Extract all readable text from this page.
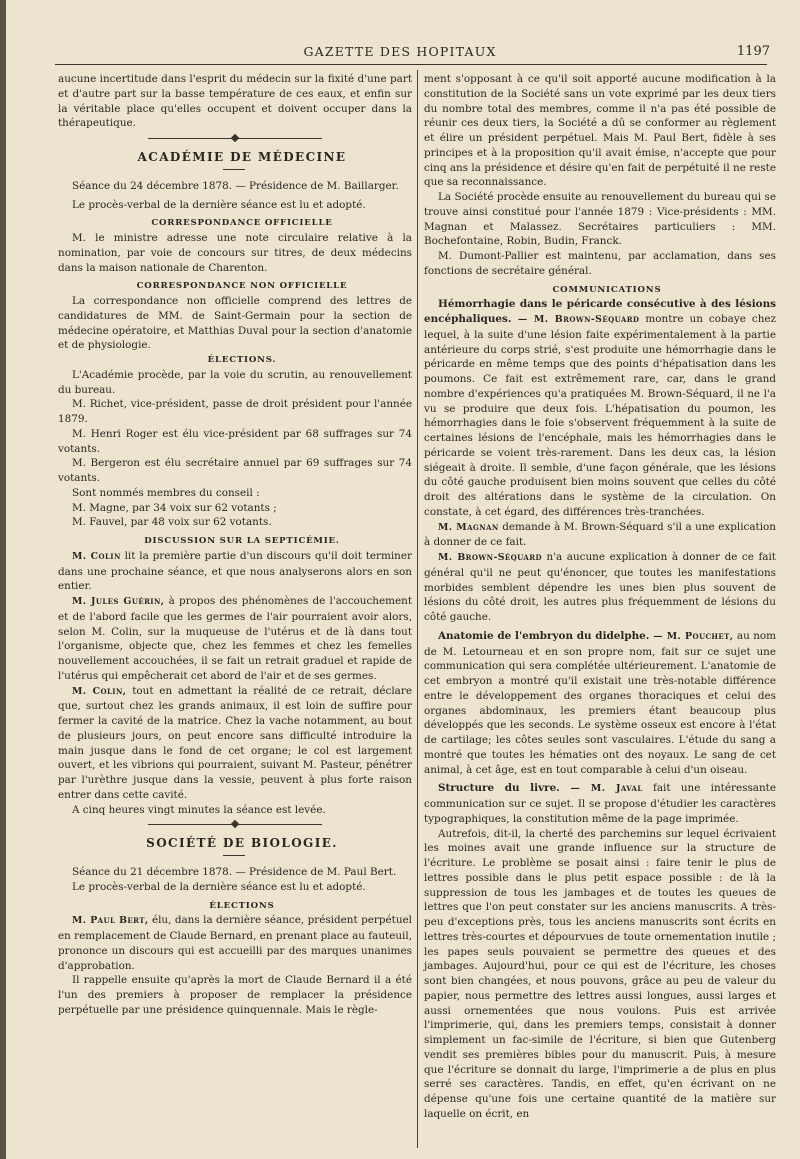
GAZETTE DES HOPITAUX	1197

aucune incertitude dans l'esprit du médecin sur la fixité d'une part et d'autre part sur la basse température de ces eaux, et enfin sur la véritable place qu'elles occupent et doivent occuper dans la thérapeutique.

ACADÉMIE DE MÉDECINE

Séance du 24 décembre 1878. — Présidence de M. Baillarger.

Le procès-verbal de la dernière séance est lu et adopté.

CORRESPONDANCE OFFICIELLE

M. le ministre adresse une note circulaire relative à la nomination, par voie de concours sur titres, de deux médecins dans la maison nationale de Charenton.

CORRESPONDANCE NON OFFICIELLE

La correspondance non officielle comprend des lettres de candidatures de MM. de Saint-Germain pour la section de médecine opératoire, et Matthias Duval pour la section d'anatomie et de physiologie.

ÉLECTIONS.

L'Académie procède, par la voie du scrutin, au renouvellement du bureau.

M. Richet, vice-président, passe de droit président pour l'année 1879.

M. Henri Roger est élu vice-président par 68 suffrages sur 74 votants.

M. Bergeron est élu secrétaire annuel par 69 suffrages sur 74 votants.

Sont nommés membres du conseil :

M. Magne, par 34 voix sur 62 votants ;

M. Fauvel, par 48 voix sur 62 votants.

DISCUSSION SUR LA SEPTICÉMIE.

M. Colin lit la première partie d'un discours qu'il doit terminer dans une prochaine séance, et que nous analyserons alors en son entier.

M. Jules Guérin, à propos des phénomènes de l'accouchement et de l'abord facile que les germes de l'air pourraient avoir alors, selon M. Colin, sur la muqueuse de l'utérus et de là dans tout l'organisme, objecte que, chez les femmes et chez les femelles nouvellement accouchées, il se fait un retrait graduel et rapide de l'utérus qui empêcherait cet abord de l'air et de ses germes.

M. Colin, tout en admettant la réalité de ce retrait, déclare que, surtout chez les grands animaux, il est loin de suffire pour fermer la cavité de la matrice. Chez la vache notamment, au bout de plusieurs jours, on peut encore sans difficulté introduire la main jusque dans le fond de cet organe; le col est largement ouvert, et les vibrions qui pourraient, suivant M. Pasteur, pénétrer par l'urèthre jusque dans la vessie, peuvent à plus forte raison entrer dans cette cavité.

A cinq heures vingt minutes la séance est levée.

SOCIÉTÉ DE BIOLOGIE.

Séance du 21 décembre 1878. — Présidence de M. Paul Bert.

Le procès-verbal de la dernière séance est lu et adopté.

ÉLECTIONS

M. Paul Bert, élu, dans la dernière séance, président perpétuel en remplacement de Claude Bernard, en prenant place au fauteuil, prononce un discours qui est accueilli par des marques unanimes d'approbation.

Il rappelle ensuite qu'après la mort de Claude Bernard il a été l'un des premiers à proposer de remplacer la présidence perpétuelle par une présidence quinquennale. Mais le règle-

ment s'opposant à ce qu'il soit apporté aucune modification à la constitution de la Société sans un vote exprimé par les deux tiers du nombre total des membres, comme il n'a pas été possible de réunir ces deux tiers, la Société a dû se conformer au règlement et élire un président perpétuel. Mais M. Paul Bert, fidèle à ses principes et à la proposition qu'il avait émise, n'accepte que pour cinq ans la présidence et désire qu'en fait de perpétuité il ne reste que sa reconnaissance.

La Société procède ensuite au renouvellement du bureau qui se trouve ainsi constitué pour l'année 1879 : Vice-présidents : MM. Magnan et Malassez. Secrétaires particuliers : MM. Bochefontaine, Robin, Budin, Franck.

M. Dumont-Pallier est maintenu, par acclamation, dans ses fonctions de secrétaire général.

COMMUNICATIONS

Hémorrhagie dans le péricarde consécutive à des lésions encéphaliques. — M. Brown-Séquard montre un cobaye chez lequel, à la suite d'une lésion faite expérimentalement à la partie antérieure du corps strié, s'est produite une hémorrhagie dans le péricarde en même temps que des points d'hépatisation dans les poumons. Ce fait est extrêmement rare, car, dans le grand nombre d'expériences qu'a pratiquées M. Brown-Séquard, il ne l'a vu se produire que deux fois. L'hépatisation du poumon, les hémorrhagies dans le foie s'observent fréquemment à la suite de certaines lésions de l'encéphale, mais les hémorrhagies dans le péricarde se voient très-rarement. Dans les deux cas, la lésion siégeait à droite. Il semble, d'une façon générale, que les lésions du côté gauche produisent bien moins souvent que celles du côté droit des altérations dans le système de la circulation. On constate, à cet égard, des différences très-tranchées.

M. Magnan demande à M. Brown-Séquard s'il a une explication à donner de ce fait.

M. Brown-Séquard n'a aucune explication à donner de ce fait général qu'il ne peut qu'énoncer, que toutes les manifestations morbides semblent dépendre les unes bien plus souvent de lésions du côté droit, les autres plus fréquemment de lésions du côté gauche.

Anatomie de l'embryon du didelphe. — M. Pouchet, au nom de M. Letourneau et en son propre nom, fait sur ce sujet une communication qui sera complétée ultérieurement. L'anatomie de cet embryon a montré qu'il existait une très-notable différence entre le développement des organes thoraciques et celui des organes abdominaux, les premiers étant beaucoup plus développés que les seconds. Le système osseux est encore à l'état de cartilage; les côtes seules sont vasculaires. L'étude du sang a montré que toutes les hématies ont des noyaux. Le sang de cet animal, à cet âge, est en tout comparable à celui d'un oiseau.

Structure du livre. — M. Javal fait une intéressante communication sur ce sujet. Il se propose d'étudier les caractères typographiques, la constitution même de la page imprimée.

Autrefois, dit-il, la cherté des parchemins sur lequel écrivaient les moines avait une grande influence sur la structure de l'écriture. Le problème se posait ainsi : faire tenir le plus de lettres possible dans le plus petit espace possible : de là la suppression de tous les jambages et de toutes les queues de lettres que l'on peut constater sur les anciens manuscrits. A très-peu d'exceptions près, tous les anciens manuscrits sont écrits en lettres très-courtes et dépourvues de toute ornementation inutile ; les papes seuls pouvaient se permettre des queues et des jambages. Aujourd'hui, pour ce qui est de l'écriture, les choses sont bien changées, et nous pouvons, grâce au peu de valeur du papier, nous permettre des lettres aussi longues, aussi larges et aussi ornementées que nous voulons. Puis est arrivée l'imprimerie, qui, dans les premiers temps, consistait à donner simplement un fac-simile de l'écriture, si bien que Gutenberg vendit ses premières bibles pour du manuscrit. Puis, à mesure que l'écriture se donnait du large, l'imprimerie a de plus en plus serré ses caractères. Tandis, en effet, qu'en écrivant on ne dépense qu'une fois une certaine quantité de la matière sur laquelle on écrit, en
